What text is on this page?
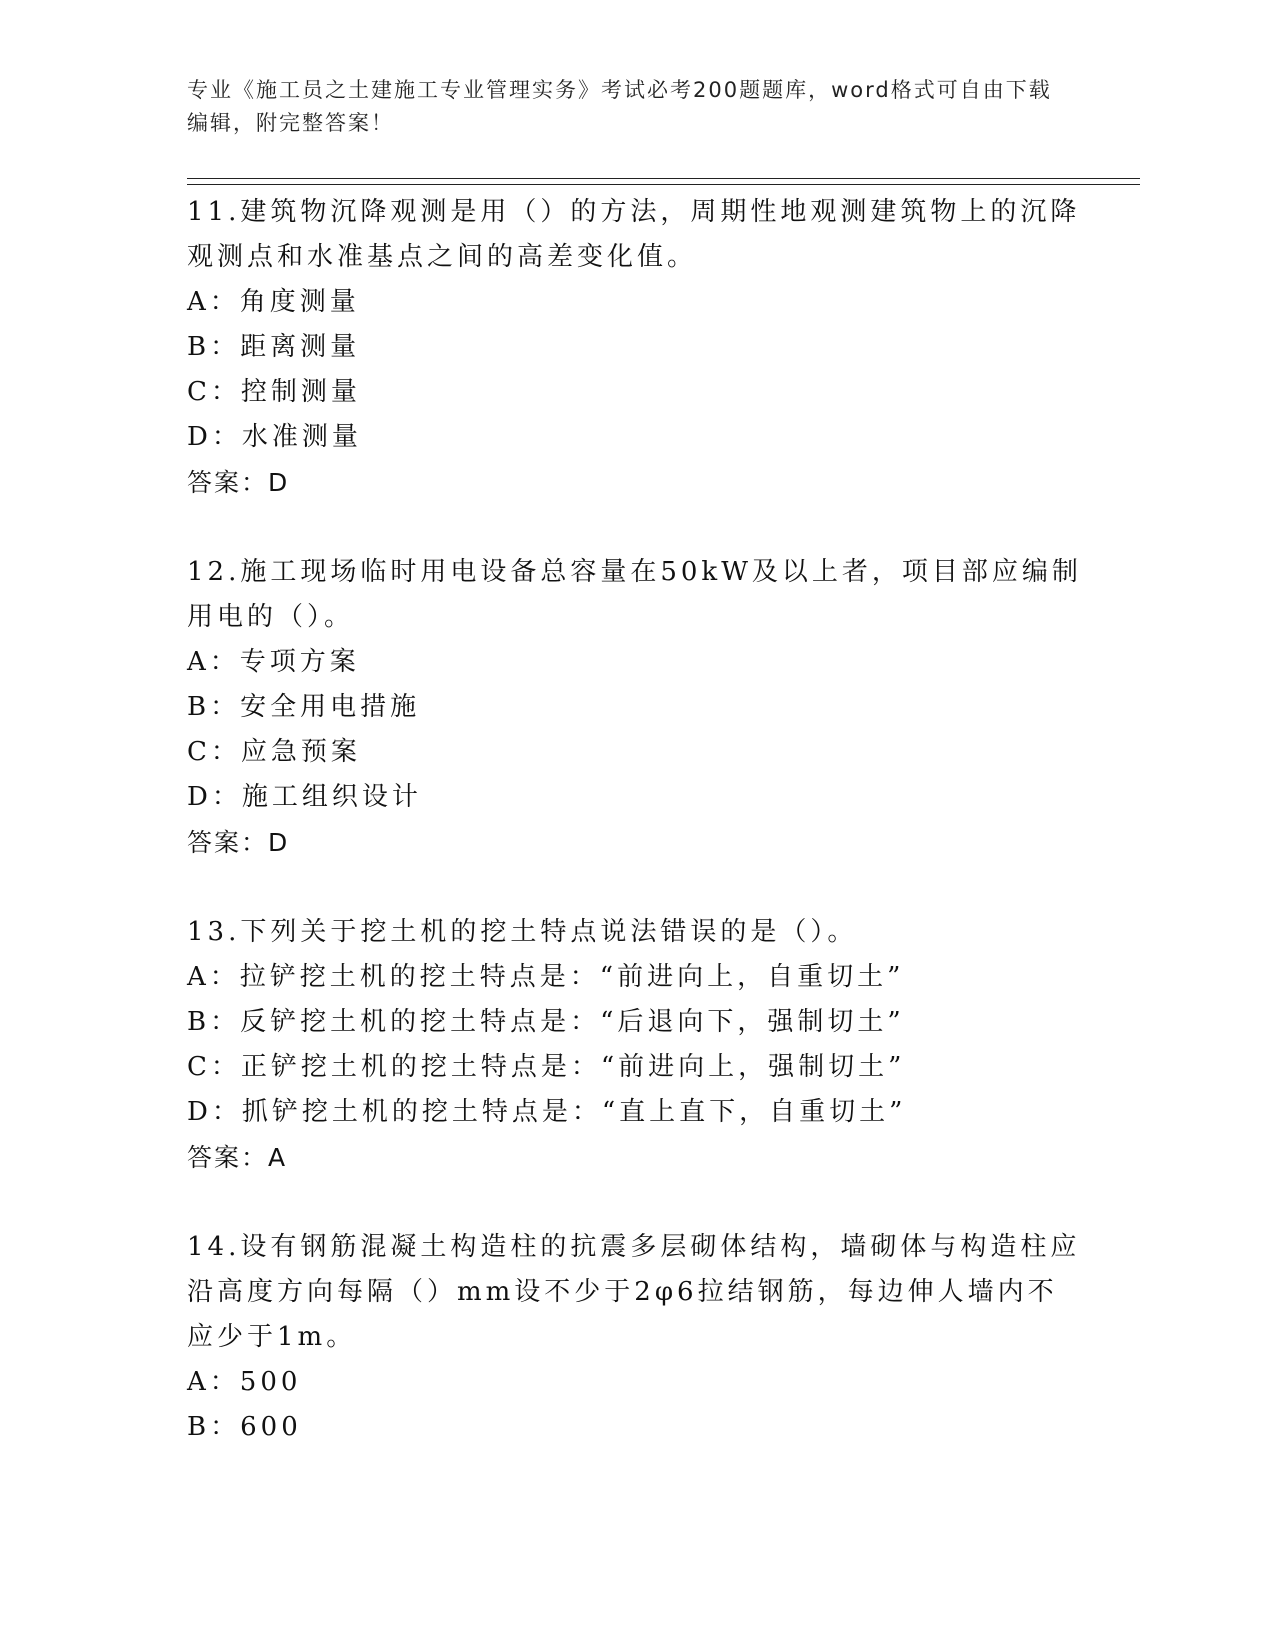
专业《施工员之土建施工专业管理实务》考试必考200题题库，word格式可自由下载编辑，附完整答案！
11.建筑物沉降观测是用（）的方法，周期性地观测建筑物上的沉降观测点和水准基点之间的高差变化值。
A：角度测量
B：距离测量
C：控制测量
D：水准测量
答案：D
12.施工现场临时用电设备总容量在50kW及以上者，项目部应编制用电的（）。
A：专项方案
B：安全用电措施
C：应急预案
D：施工组织设计
答案：D
13.下列关于挖土机的挖土特点说法错误的是（）。
A：拉铲挖土机的挖土特点是：“前进向上，自重切土”
B：反铲挖土机的挖土特点是：“后退向下，强制切土”
C：正铲挖土机的挖土特点是：“前进向上，强制切土”
D：抓铲挖土机的挖土特点是：“直上直下，自重切土”
答案：A
14.设有钢筋混凝土构造柱的抗震多层砌体结构，墙砌体与构造柱应沿高度方向每隔（）mm设不少于2φ6拉结钢筋，每边伸人墙内不应少于1m。
A：500
B：600
